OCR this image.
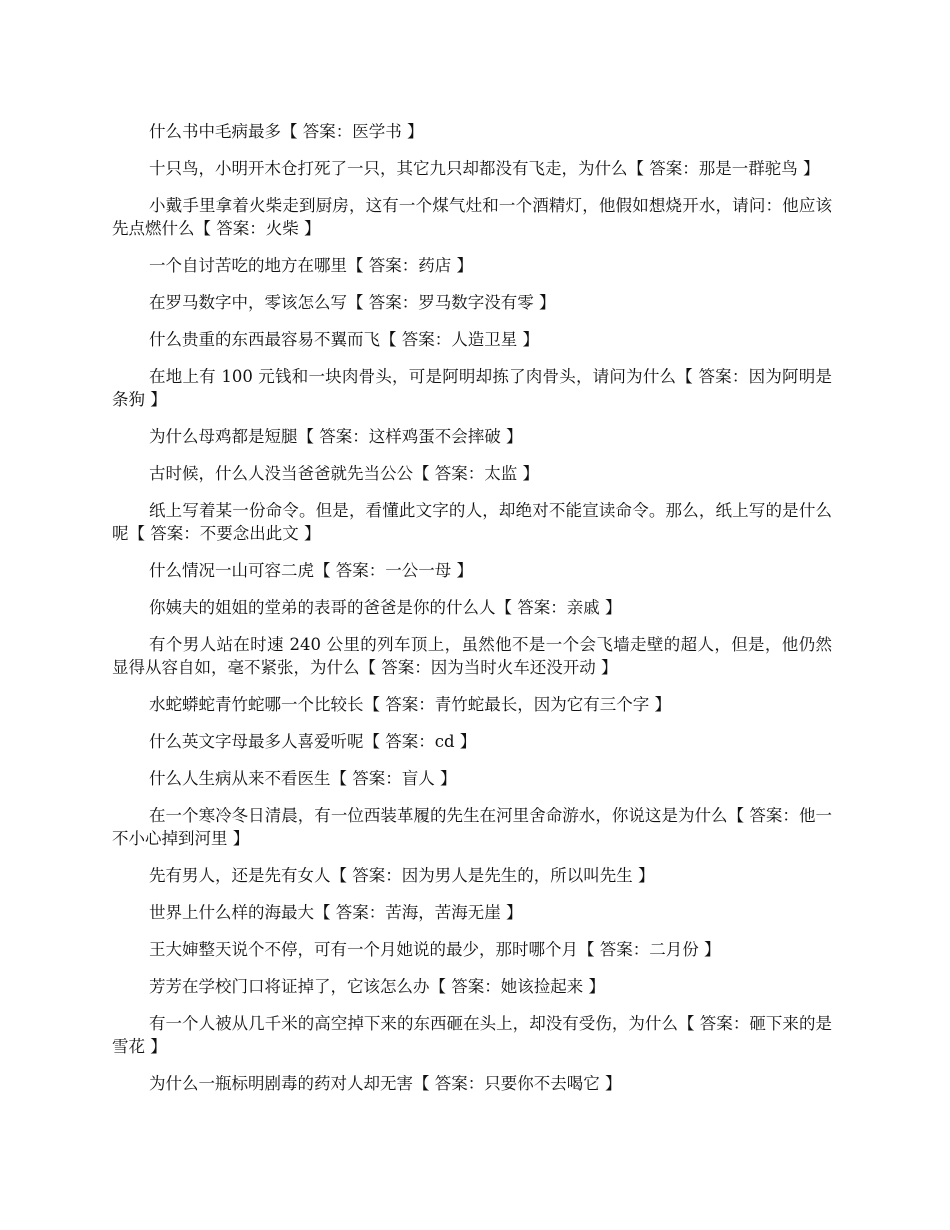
什么书中毛病最多【 答案：医学书 】

十只鸟，小明开木仓打死了一只，其它九只却都没有飞走，为什么【 答案：那是一群驼鸟 】

小戴手里拿着火柴走到厨房，这有一个煤气灶和一个酒精灯，他假如想烧开水，请问：他应该先点燃什么【 答案：火柴 】

一个自讨苦吃的地方在哪里【 答案：药店 】

在罗马数字中，零该怎么写【 答案：罗马数字没有零 】

什么贵重的东西最容易不翼而飞【 答案：人造卫星 】

在地上有 100 元钱和一块肉骨头，可是阿明却拣了肉骨头，请问为什么【 答案：因为阿明是条狗 】

为什么母鸡都是短腿【 答案：这样鸡蛋不会摔破 】

古时候，什么人没当爸爸就先当公公【 答案：太监 】

纸上写着某一份命令。但是，看懂此文字的人，却绝对不能宣读命令。那么，纸上写的是什么呢【 答案：不要念出此文 】

什么情况一山可容二虎【 答案：一公一母 】

你姨夫的姐姐的堂弟的表哥的爸爸是你的什么人【 答案：亲戚 】

有个男人站在时速 240 公里的列车顶上，虽然他不是一个会飞墙走壁的超人，但是，他仍然显得从容自如，毫不紧张，为什么【 答案：因为当时火车还没开动 】

水蛇蟒蛇青竹蛇哪一个比较长【 答案：青竹蛇最长，因为它有三个字 】

什么英文字母最多人喜爱听呢【 答案：cd 】

什么人生病从来不看医生【 答案：盲人 】

在一个寒冷冬日清晨，有一位西装革履的先生在河里舍命游水，你说这是为什么【 答案：他一不小心掉到河里 】

先有男人，还是先有女人【 答案：因为男人是先生的，所以叫先生 】

世界上什么样的海最大【 答案：苦海，苦海无崖 】

王大婶整天说个不停，可有一个月她说的最少，那时哪个月【 答案：二月份 】

芳芳在学校门口将证掉了，它该怎么办【 答案：她该捡起来 】

有一个人被从几千米的高空掉下来的东西砸在头上，却没有受伤，为什么【 答案：砸下来的是雪花 】

为什么一瓶标明剧毒的药对人却无害【 答案：只要你不去喝它 】
